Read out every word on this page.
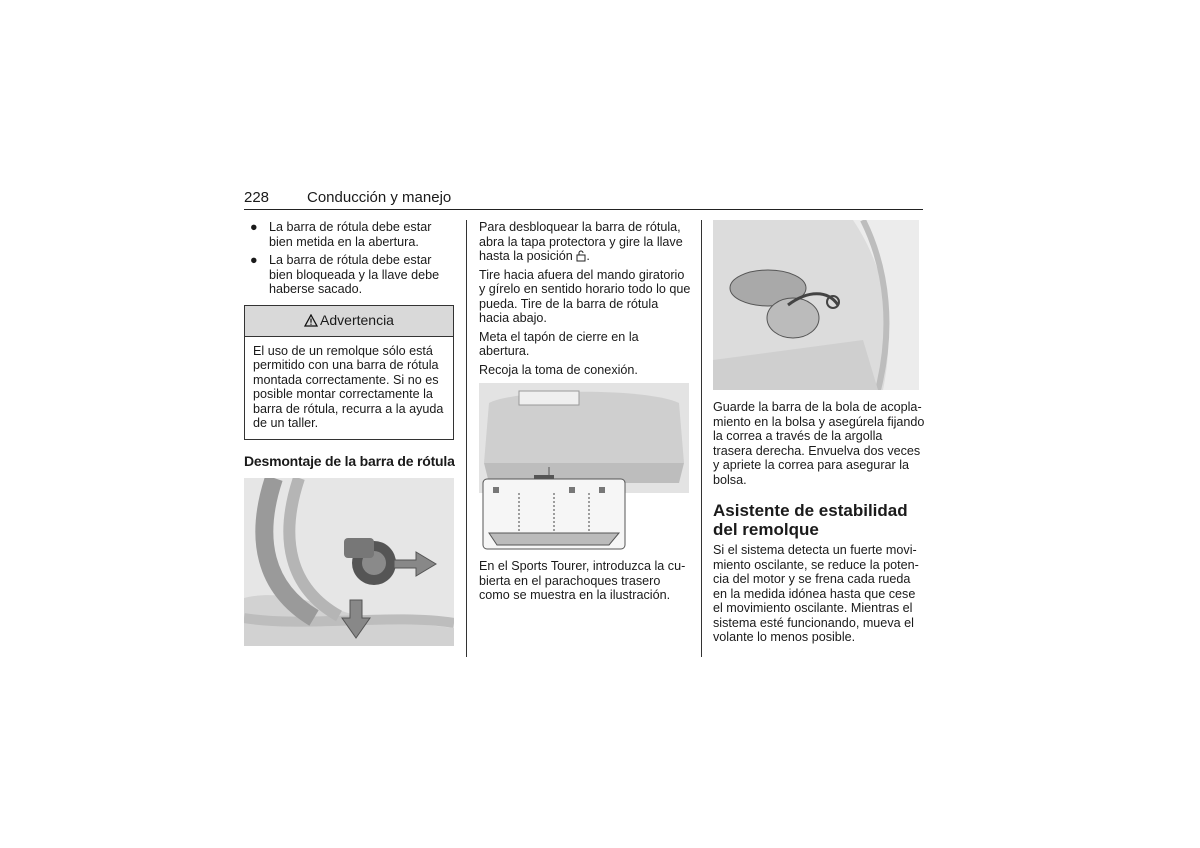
228	Conducción y manejo
● La barra de rótula debe estar bien metida en la abertura.
● La barra de rótula debe estar bien bloqueada y la llave debe haberse sacado.
Advertencia
El uso de un remolque sólo está permitido con una barra de rótula montada correctamente. Si no es posible montar correctamente la barra de rótula, recurra a la ayuda de un taller.
Desmontaje de la barra de rótula

Para desbloquear la barra de rótula, abra la tapa protectora y gire la llave hasta la posición .

Tire hacia afuera del mando giratorio y gírelo en sentido horario todo lo que pueda. Tire de la barra de rótula hacia abajo.

Meta el tapón de cierre en la abertura.

Recoja la toma de conexión.

En el Sports Tourer, introduzca la cubierta en el parachoques trasero como se muestra en la ilustración.

Guarde la barra de la bola de acoplamiento en la bolsa y asegúrela fijando la correa a través de la argolla trasera derecha. Envuelva dos veces y apriete la correa para asegurar la bolsa.

Asistente de estabilidad del remolque

Si el sistema detecta un fuerte movimiento oscilante, se reduce la potencia del motor y se frena cada rueda en la medida idónea hasta que cese el movimiento oscilante. Mientras el sistema esté funcionando, mueva el volante lo menos posible.
